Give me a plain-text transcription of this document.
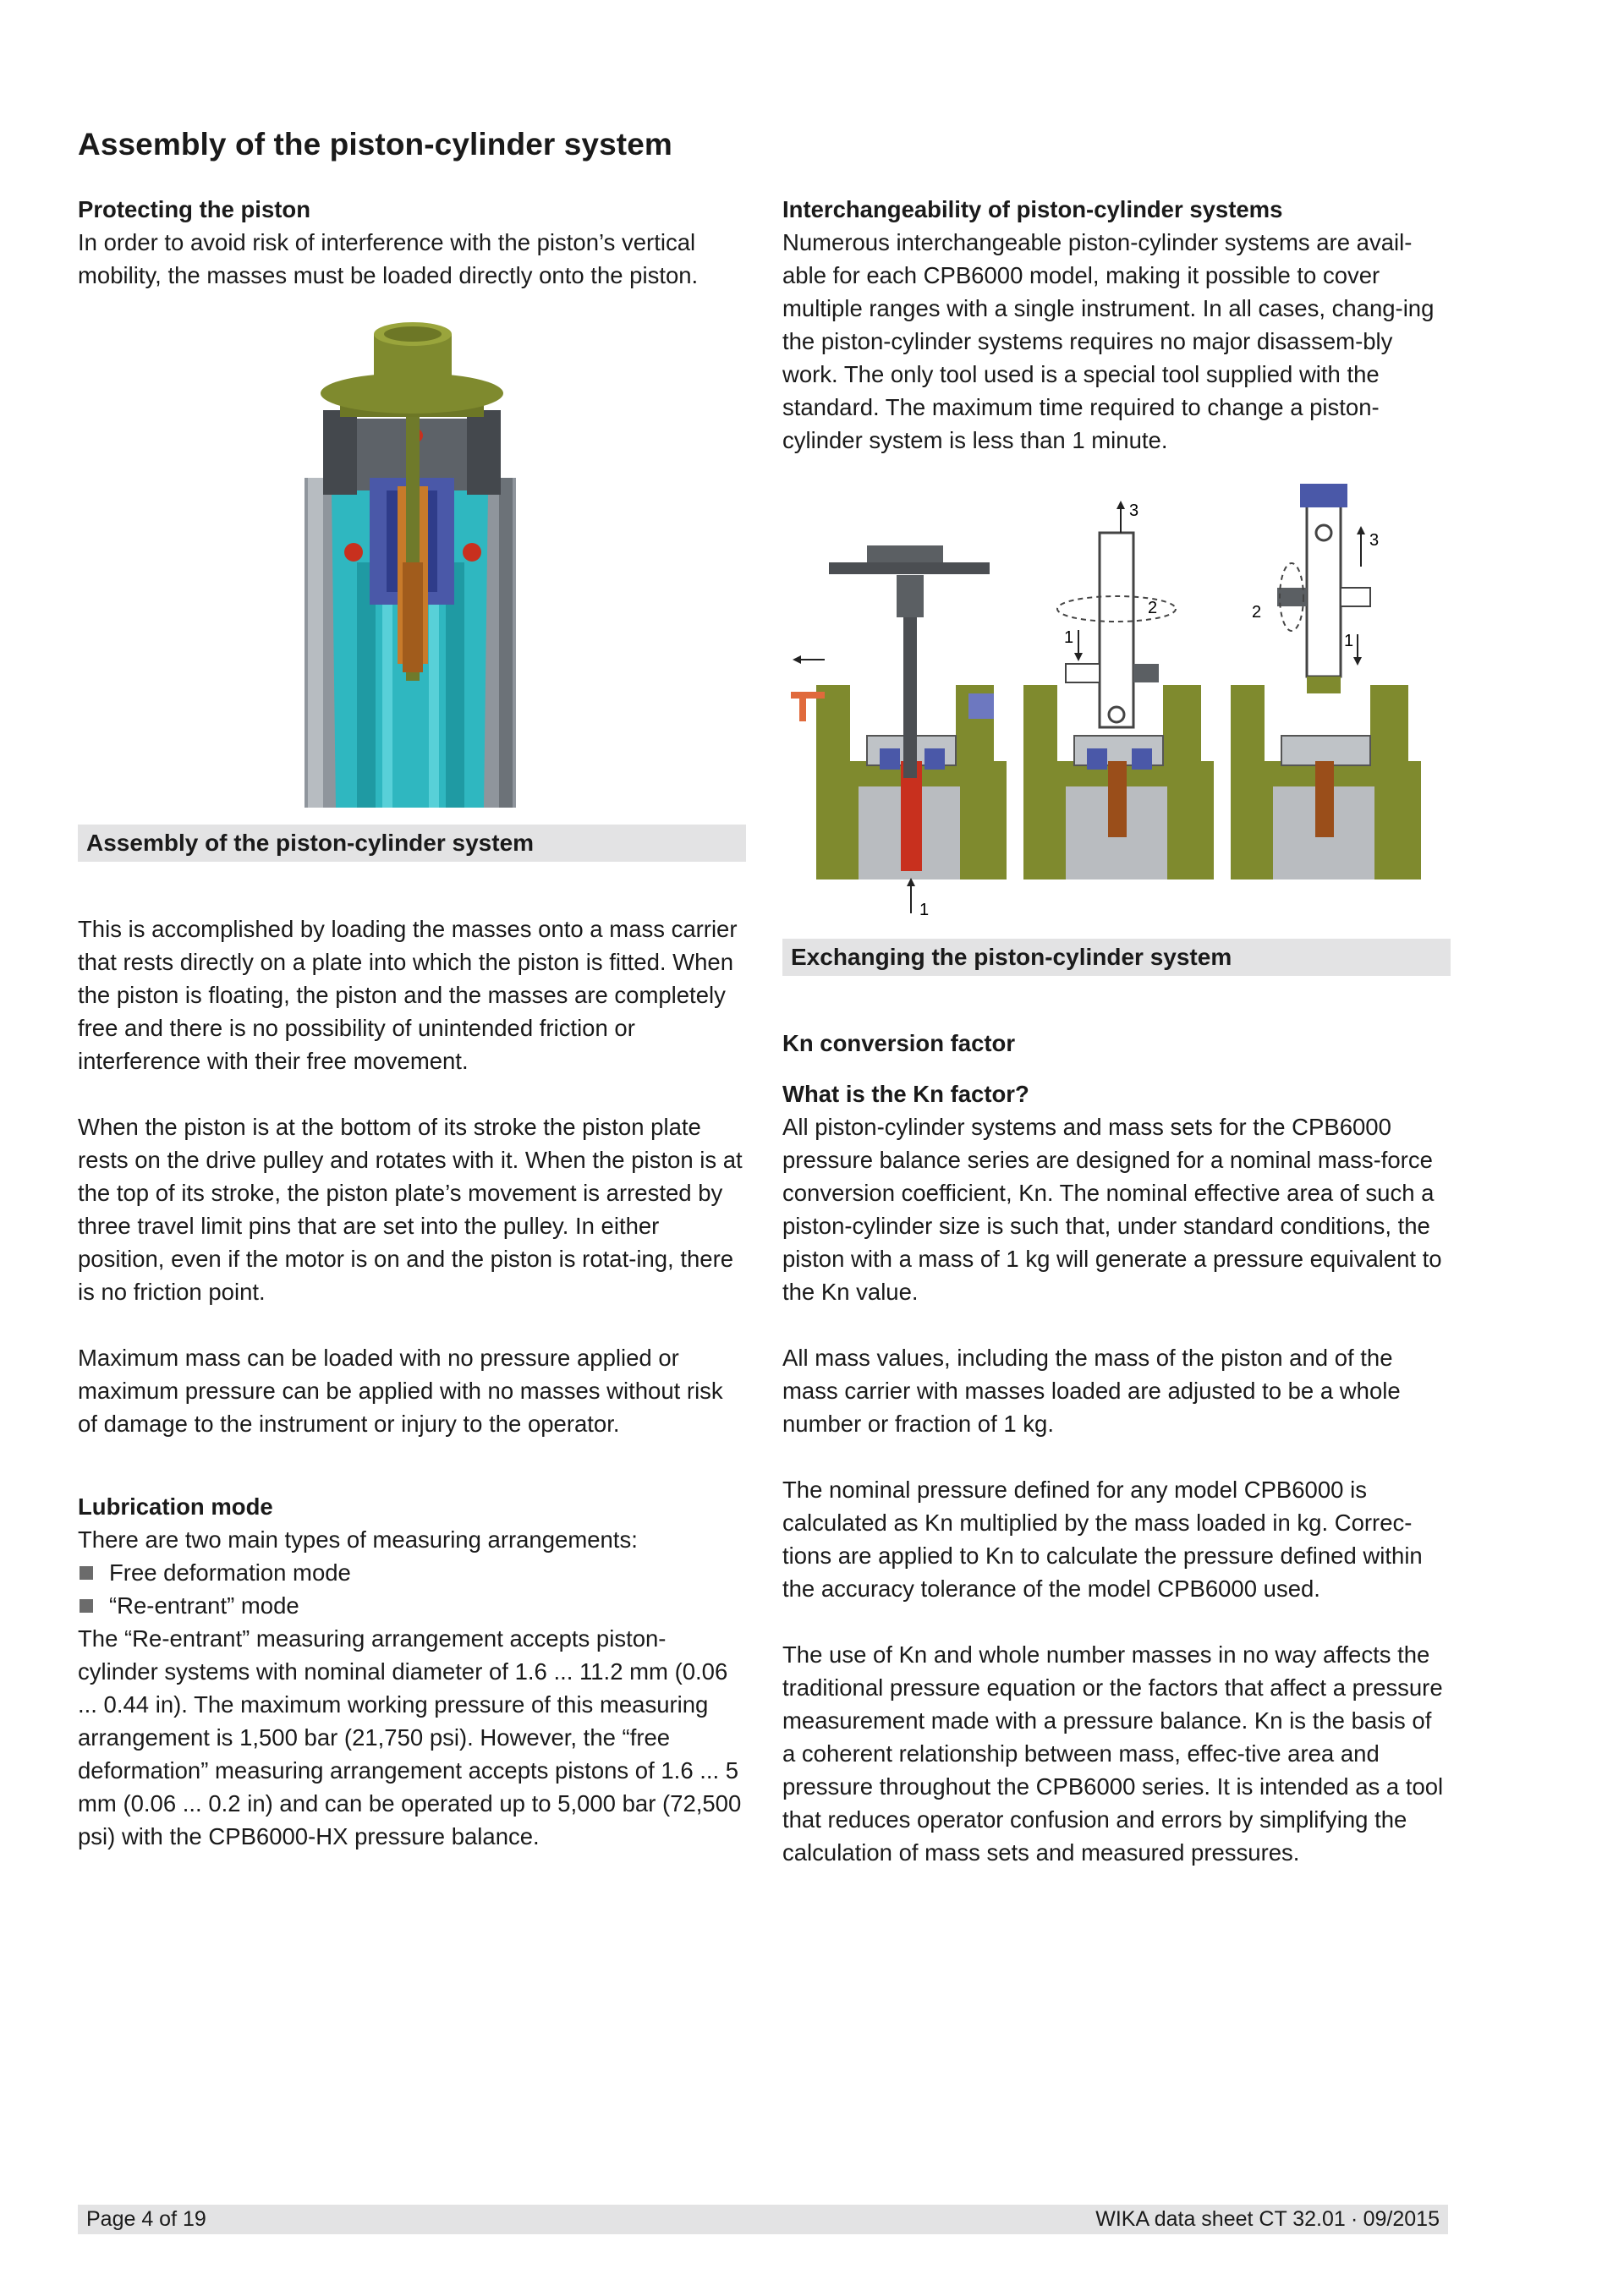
Assembly of the piston-cylinder system

Protecting the piston

In order to avoid risk of interference with the piston’s vertical mobility, the masses must be loaded directly onto the piston.

Assembly of the piston-cylinder system

This is accomplished by loading the masses onto a mass carrier that rests directly on a plate into which the piston is fitted. When the piston is floating, the piston and the masses are completely free and there is no possibility of unintended friction or interference with their free movement.

When the piston is at the bottom of its stroke the piston plate rests on the drive pulley and rotates with it. When the piston is at the top of its stroke, the piston plate’s movement is arrested by three travel limit pins that are set into the pulley. In either position, even if the motor is on and the piston is rotat-ing, there is no friction point.

Maximum mass can be loaded with no pressure applied or maximum pressure can be applied with no masses without risk of damage to the instrument or injury to the operator.

Lubrication mode

There are two main types of measuring arrangements:

Free deformation mode
“Re-entrant” mode

The “Re-entrant” measuring arrangement accepts piston-cylinder systems with nominal diameter of 1.6 ... 11.2 mm (0.06 ... 0.44 in). The maximum working pressure of this measuring arrangement is 1,500 bar (21,750 psi). However, the “free deformation” measuring arrangement accepts pistons of 1.6 ... 5 mm (0.06 ... 0.2 in) and can be operated up to 5,000 bar (72,500 psi) with the CPB6000-HX pressure balance.

Interchangeability of piston-cylinder systems

Numerous interchangeable piston-cylinder systems are avail-able for each CPB6000 model, making it possible to cover multiple ranges with a single instrument. In all cases, chang-ing the piston-cylinder systems requires no major disassem-bly work. The only tool used is a special tool supplied with the standard. The maximum time required to change a piston-cylinder system is less than 1 minute.

1
3
2
1
2
3
1
Exchanging the piston-cylinder system

Kn conversion factor

What is the Kn factor?

All piston-cylinder systems and mass sets for the CPB6000 pressure balance series are designed for a nominal mass-force conversion coefficient, Kn. The nominal effective area of such a piston-cylinder size is such that, under standard conditions, the piston with a mass of 1 kg will generate a pressure equivalent to the Kn value.

All mass values, including the mass of the piston and of the mass carrier with masses loaded are adjusted to be a whole number or fraction of 1 kg.

The nominal pressure defined for any model CPB6000 is calculated as Kn multiplied by the mass loaded in kg. Correc-tions are applied to Kn to calculate the pressure defined within the accuracy tolerance of the model CPB6000 used.

The use of Kn and whole number masses in no way affects the traditional pressure equation or the factors that affect a pressure measurement made with a pressure balance. Kn is the basis of a coherent relationship between mass, effec-tive area and pressure throughout the CPB6000 series. It is intended as a tool that reduces operator confusion and errors by simplifying the calculation of mass sets and measured pressures.

Page 4 of 19	WIKA data sheet CT 32.01 ∙ 09/2015
